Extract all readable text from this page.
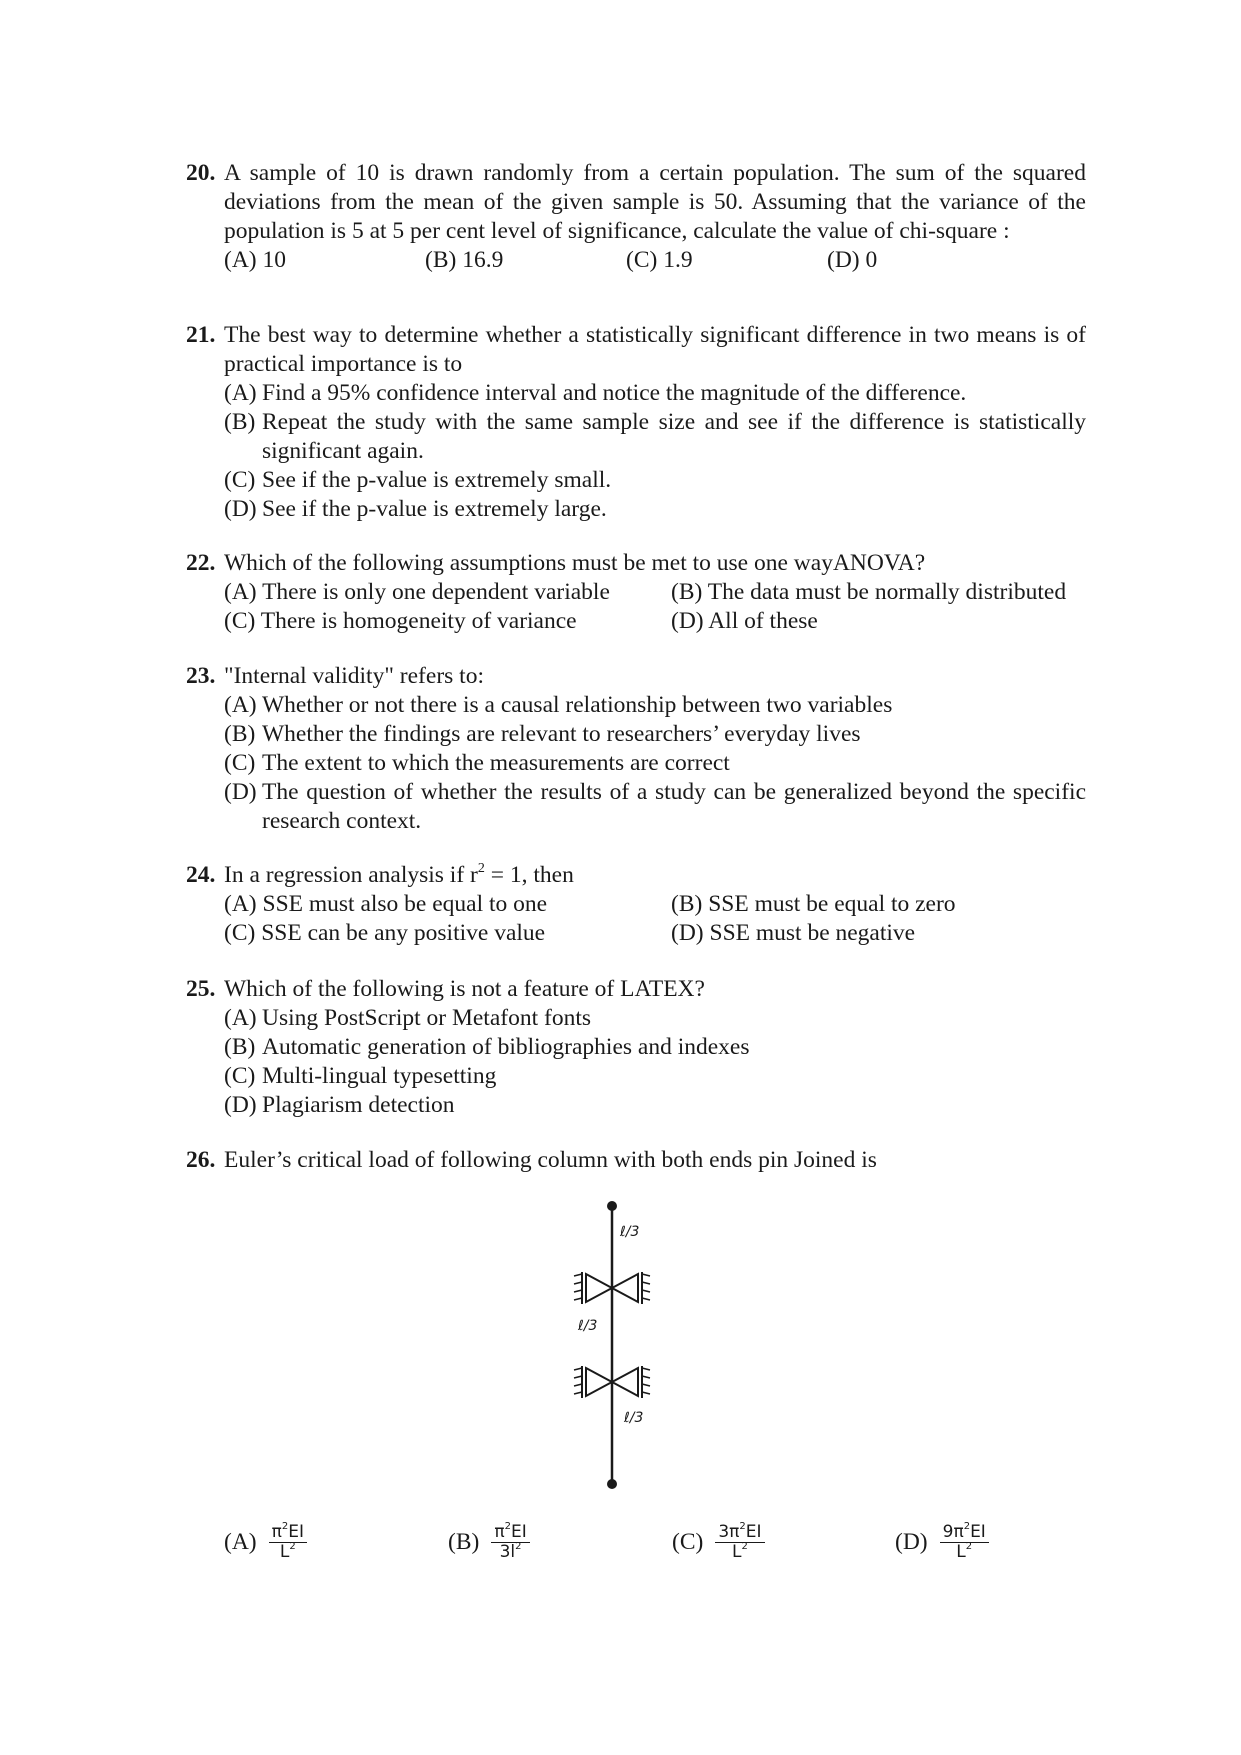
20. A sample of 10 is drawn randomly from a certain population. The sum of the squared deviations from the mean of the given sample is 50. Assuming that the variance of the population is 5 at 5 per cent level of significance, calculate the value of chi-square :
(A) 10	(B) 16.9	(C) 1.9	(D) 0
21. The best way to determine whether a statistically significant difference in two means is of practical importance is to
(A) Find a 95% confidence interval and notice the magnitude of the difference.
(B) Repeat the study with the same sample size and see if the difference is statistically significant again.
(C) See if the p-value is extremely small.
(D) See if the p-value is extremely large.
22. Which of the following assumptions must be met to use one wayANOVA?
(A) There is only one dependent variable	(B) The data must be normally distributed
(C) There is homogeneity of variance	(D) All of these
23. "Internal validity" refers to:
(A) Whether or not there is a causal relationship between two variables
(B) Whether the findings are relevant to researchers’ everyday lives
(C) The extent to which the measurements are correct
(D) The question of whether the results of a study can be generalized beyond the specific research context.
24. In a regression analysis if $r^2 = 1$, then
(A) SSE must also be equal to one	(B) SSE must be equal to zero
(C) SSE can be any positive value	(D) SSE must be negative
25. Which of the following is not a feature of LATEX?
(A) Using PostScript or Metafont fonts
(B) Automatic generation of bibliographies and indexes
(C) Multi-lingual typesetting
(D) Plagiarism detection
26. Euler’s critical load of following column with both ends pin Joined is
ℓ/3
ℓ/3
ℓ/3
$(A) \frac{\pi^2EI}{L^2}$	$(B) \frac{\pi^2EI}{3l^2}$	$(C) \frac{3\pi^2EI}{L^2}$	$(D) \frac{9\pi^2EI}{L^2}$
